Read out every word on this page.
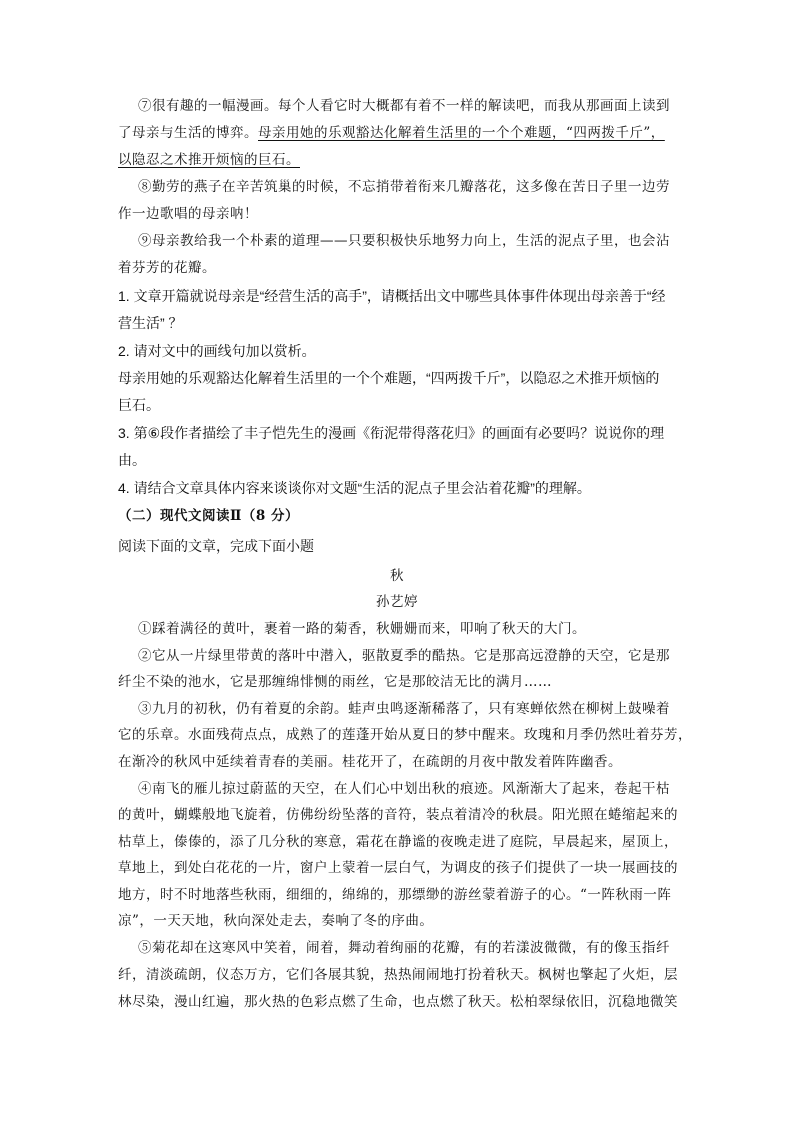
⑦很有趣的一幅漫画。每个人看它时大概都有着不一样的解读吧，而我从那画面上读到

了母亲与生活的博弈。母亲用她的乐观豁达化解着生活里的一个个难题，“四两拨千斤”，

以隐忍之术推开烦恼的巨石。

⑧勤劳的燕子在辛苦筑巢的时候，不忘捎带着衔来几瓣落花，这多像在苦日子里一边劳

作一边歌唱的母亲呐！

⑨母亲教给我一个朴素的道理——只要积极快乐地努力向上，生活的泥点子里，也会沾

着芬芳的花瓣。

1. 文章开篇就说母亲是“经营生活的高手”，请概括出文中哪些具体事件体现出母亲善于“经

营生活” ？

2. 请对文中的画线句加以赏析。

母亲用她的乐观豁达化解着生活里的一个个难题，“四两拨千斤”，以隐忍之术推开烦恼的

巨石。

3. 第⑥段作者描绘了丰子恺先生的漫画《衔泥带得落花归》的画面有必要吗？说说你的理

由。

4. 请结合文章具体内容来谈谈你对文题“生活的泥点子里会沾着花瓣”的理解。

（二）现代文阅读Ⅱ（8 分）

阅读下面的文章，完成下面小题

秋

孙艺婷

①踩着满径的黄叶，裹着一路的菊香，秋姗姗而来，叩响了秋天的大门。

②它从一片绿里带黄的落叶中潜入，驱散夏季的酷热。它是那高远澄静的天空，它是那

纤尘不染的池水，它是那缠绵悱恻的雨丝，它是那皎洁无比的满月……

③九月的初秋，仍有着夏的余韵。蛙声虫鸣逐渐稀落了，只有寒蝉依然在柳树上鼓噪着

它的乐章。水面残荷点点，成熟了的莲蓬开始从夏日的梦中醒来。玫瑰和月季仍然吐着芬芳，

在渐冷的秋风中延续着青春的美丽。桂花开了，在疏朗的月夜中散发着阵阵幽香。

④南飞的雁儿掠过蔚蓝的天空，在人们心中划出秋的痕迹。风渐渐大了起来，卷起干枯

的黄叶，蝴蝶般地飞旋着，仿佛纷纷坠落的音符，装点着清冷的秋晨。阳光照在蜷缩起来的

枯草上，傣傣的，添了几分秋的寒意，霜花在静谧的夜晚走进了庭院，早晨起来，屋顶上，

草地上，到处白花花的一片，窗户上蒙着一层白气，为调皮的孩子们提供了一块一展画技的

地方，时不时地落些秋雨，细细的，绵绵的，那缥缈的游丝蒙着游子的心。“一阵秋雨一阵

凉”，一天天地，秋向深处走去，奏响了冬的序曲。

⑤菊花却在这寒风中笑着，闹着，舞动着绚丽的花瓣，有的若漾波微微，有的像玉指纤

纤，清淡疏朗，仪态万方，它们各展其貌，热热闹闹地打扮着秋天。枫树也擎起了火炬，层

林尽染，漫山红遍，那火热的色彩点燃了生命，也点燃了秋天。松柏翠绿依旧，沉稳地微笑
